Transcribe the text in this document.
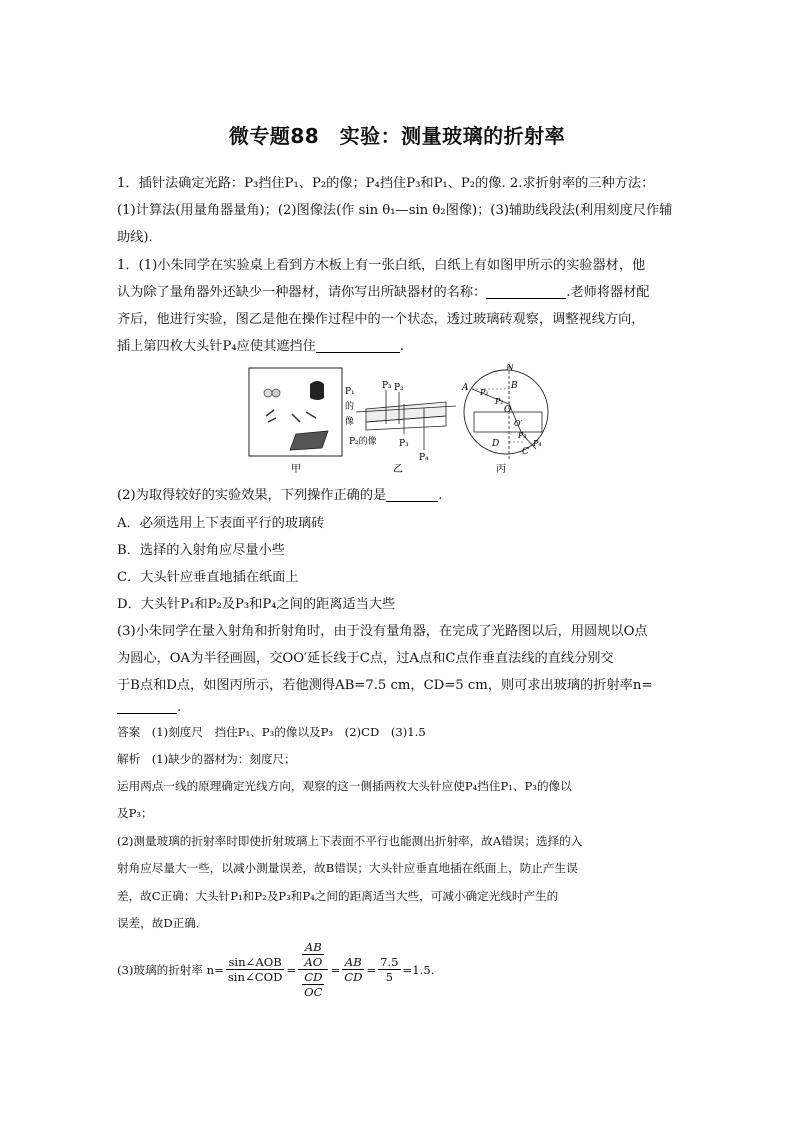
微专题88　实验：测量玻璃的折射率
1．插针法确定光路：P₃挡住P₁、P₂的像；P₄挡住P₃和P₁、P₂的像. 2.求折射率的三种方法：
(1)计算法(用量角器量角)；(2)图像法(作 sin θ₁—sin θ₂图像)；(3)辅助线段法(利用刻度尺作辅
助线)．
1．(1)小朱同学在实验桌上看到方木板上有一张白纸，白纸上有如图甲所示的实验器材，他
认为除了量角器外还缺少一种器材，请你写出所缺器材的名称：	.老师将器材配
齐后，他进行实验，图乙是他在操作过程中的一个状态，透过玻璃砖观察，调整视线方向，
插上第四枚大头针P₄应使其遮挡住	.
甲
P₁
的
像
P₃ P₂
P₂的像 P₃
P₄
乙
N
A P₁
B
P₂
O
O′
D
C
P₃
P₄
丙
(2)为取得较好的实验效果，下列操作正确的是	.
A．必须选用上下表面平行的玻璃砖
B．选择的入射角应尽量小些
C．大头针应垂直地插在纸面上
D．大头针P₁和P₂及P₃和P₄之间的距离适当大些
(3)小朱同学在量入射角和折射角时，由于没有量角器，在完成了光路图以后，用圆规以O点
为圆心，OA为半径画圆，交OO′延长线于C点，过A点和C点作垂直法线的直线分别交
于B点和D点，如图丙所示，若他测得AB=7.5 cm，CD=5 cm，则可求出玻璃的折射率n=
.
答案　(1)刻度尺　挡住P₁、P₃的像以及P₃　(2)CD　(3)1.5
解析　(1)缺少的器材为：刻度尺；
运用两点一线的原理确定光线方向，观察的这一侧插两枚大头针应使P₄挡住P₁、P₃的像以
及P₃；
(2)测量玻璃的折射率时即使折射玻璃上下表面不平行也能测出折射率，故A错误；选择的入
射角应尽量大一些，以减小测量误差，故B错误；大头针应垂直地插在纸面上，防止产生误
差，故C正确；大头针P₁和P₂及P₃和P₄之间的距离适当大些，可减小确定光线时产生的
误差，故D正确．
(3)玻璃的折射率 $n= \frac{\text{sin∠AOB}}{\text{sin∠COD}} = \frac{\frac{AB}{AO}}{\frac{CD}{OC}} = \frac{AB}{CD} = \frac{7.5}{5} =1.5$.
